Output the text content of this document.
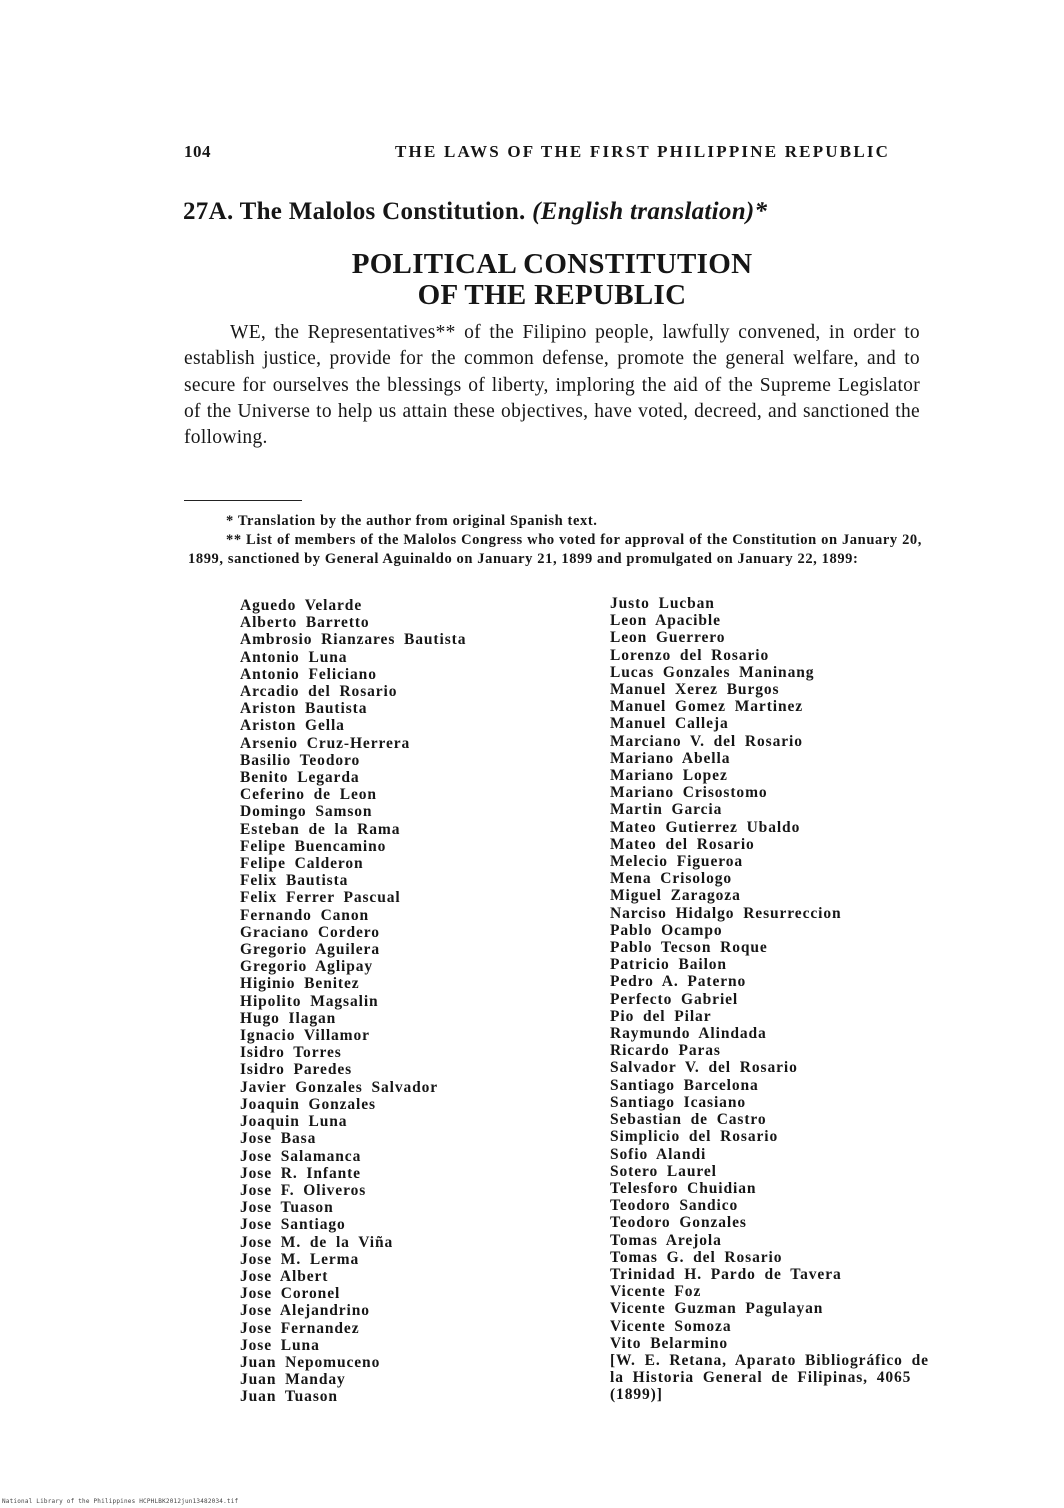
104	THE LAWS OF THE FIRST PHILIPPINE REPUBLIC
27A. The Malolos Constitution. (English translation)*
POLITICAL CONSTITUTION
OF THE REPUBLIC
WE, the Representatives** of the Filipino people, lawfully convened, in order to establish justice, provide for the common defense, promote the general welfare, and to secure for ourselves the blessings of liberty, imploring the aid of the Supreme Legislator of the Universe to help us attain these objectives, have voted, decreed, and sanctioned the following.
* Translation by the author from original Spanish text.
** List of members of the Malolos Congress who voted for approval of the Constitution on January 20, 1899, sanctioned by General Aguinaldo on January 21, 1899 and promulgated on January 22, 1899:
Aguedo Velarde
Alberto Barretto
Ambrosio Rianzares Bautista
Antonio Luna
Antonio Feliciano
Arcadio del Rosario
Ariston Bautista
Ariston Gella
Arsenio Cruz-Herrera
Basilio Teodoro
Benito Legarda
Ceferino de Leon
Domingo Samson
Esteban de la Rama
Felipe Buencamino
Felipe Calderon
Felix Bautista
Felix Ferrer Pascual
Fernando Canon
Graciano Cordero
Gregorio Aguilera
Gregorio Aglipay
Higinio Benitez
Hipolito Magsalin
Hugo Ilagan
Ignacio Villamor
Isidro Torres
Isidro Paredes
Javier Gonzales Salvador
Joaquin Gonzales
Joaquin Luna
Jose Basa
Jose Salamanca
Jose R. Infante
Jose F. Oliveros
Jose Tuason
Jose Santiago
Jose M. de la Viña
Jose M. Lerma
Jose Albert
Jose Coronel
Jose Alejandrino
Jose Fernandez
Jose Luna
Juan Nepomuceno
Juan Manday
Juan Tuason
Justo Lucban
Leon Apacible
Leon Guerrero
Lorenzo del Rosario
Lucas Gonzales Maninang
Manuel Xerez Burgos
Manuel Gomez Martinez
Manuel Calleja
Marciano V. del Rosario
Mariano Abella
Mariano Lopez
Mariano Crisostomo
Martin Garcia
Mateo Gutierrez Ubaldo
Mateo del Rosario
Melecio Figueroa
Mena Crisologo
Miguel Zaragoza
Narciso Hidalgo Resurreccion
Pablo Ocampo
Pablo Tecson Roque
Patricio Bailon
Pedro A. Paterno
Perfecto Gabriel
Pio del Pilar
Raymundo Alindada
Ricardo Paras
Salvador V. del Rosario
Santiago Barcelona
Santiago Icasiano
Sebastian de Castro
Simplicio del Rosario
Sofio Alandi
Sotero Laurel
Telesforo Chuidian
Teodoro Sandico
Teodoro Gonzales
Tomas Arejola
Tomas G. del Rosario
Trinidad H. Pardo de Tavera
Vicente Foz
Vicente Guzman Pagulayan
Vicente Somoza
Vito Belarmino
[W. E. Retana, Aparato Bibliográfico de la Historia General de Filipinas, 4065 (1899)]
National Library of the Philippines HCPHLBK2012jun13482034.tif
